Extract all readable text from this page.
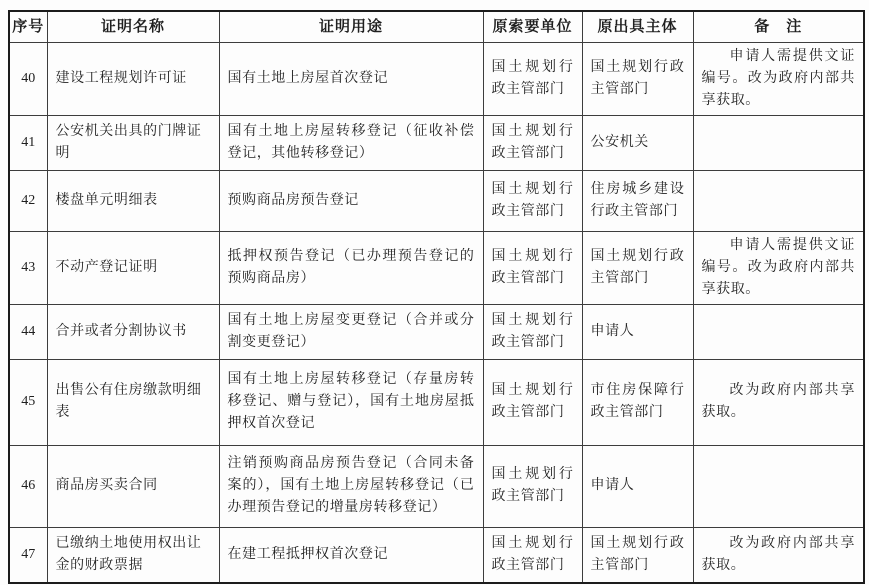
序号	证明名称	证明用途	原索要单位	原出具主体	备　注
40	建设工程规划许可证	国有土地上房屋首次登记	国土规划行政主管部门	国土规划行政主管部门	申请人需提供文证编号。改为政府内部共享获取。
41	公安机关出具的门牌证明	国有土地上房屋转移登记（征收补偿登记，其他转移登记）	国土规划行政主管部门	公安机关	
42	楼盘单元明细表	预购商品房预告登记	国土规划行政主管部门	住房城乡建设行政主管部门	
43	不动产登记证明	抵押权预告登记（已办理预告登记的预购商品房）	国土规划行政主管部门	国土规划行政主管部门	申请人需提供文证编号。改为政府内部共享获取。
44	合并或者分割协议书	国有土地上房屋变更登记（合并或分割变更登记）	国土规划行政主管部门	申请人	
45	出售公有住房缴款明细表	国有土地上房屋转移登记（存量房转移登记、赠与登记），国有土地房屋抵押权首次登记	国土规划行政主管部门	市住房保障行政主管部门	改为政府内部共享获取。
46	商品房买卖合同	注销预购商品房预告登记（合同未备案的），国有土地上房屋转移登记（已办理预告登记的增量房转移登记）	国土规划行政主管部门	申请人	
47	已缴纳土地使用权出让金的财政票据	在建工程抵押权首次登记	国土规划行政主管部门	国土规划行政主管部门	改为政府内部共享获取。
